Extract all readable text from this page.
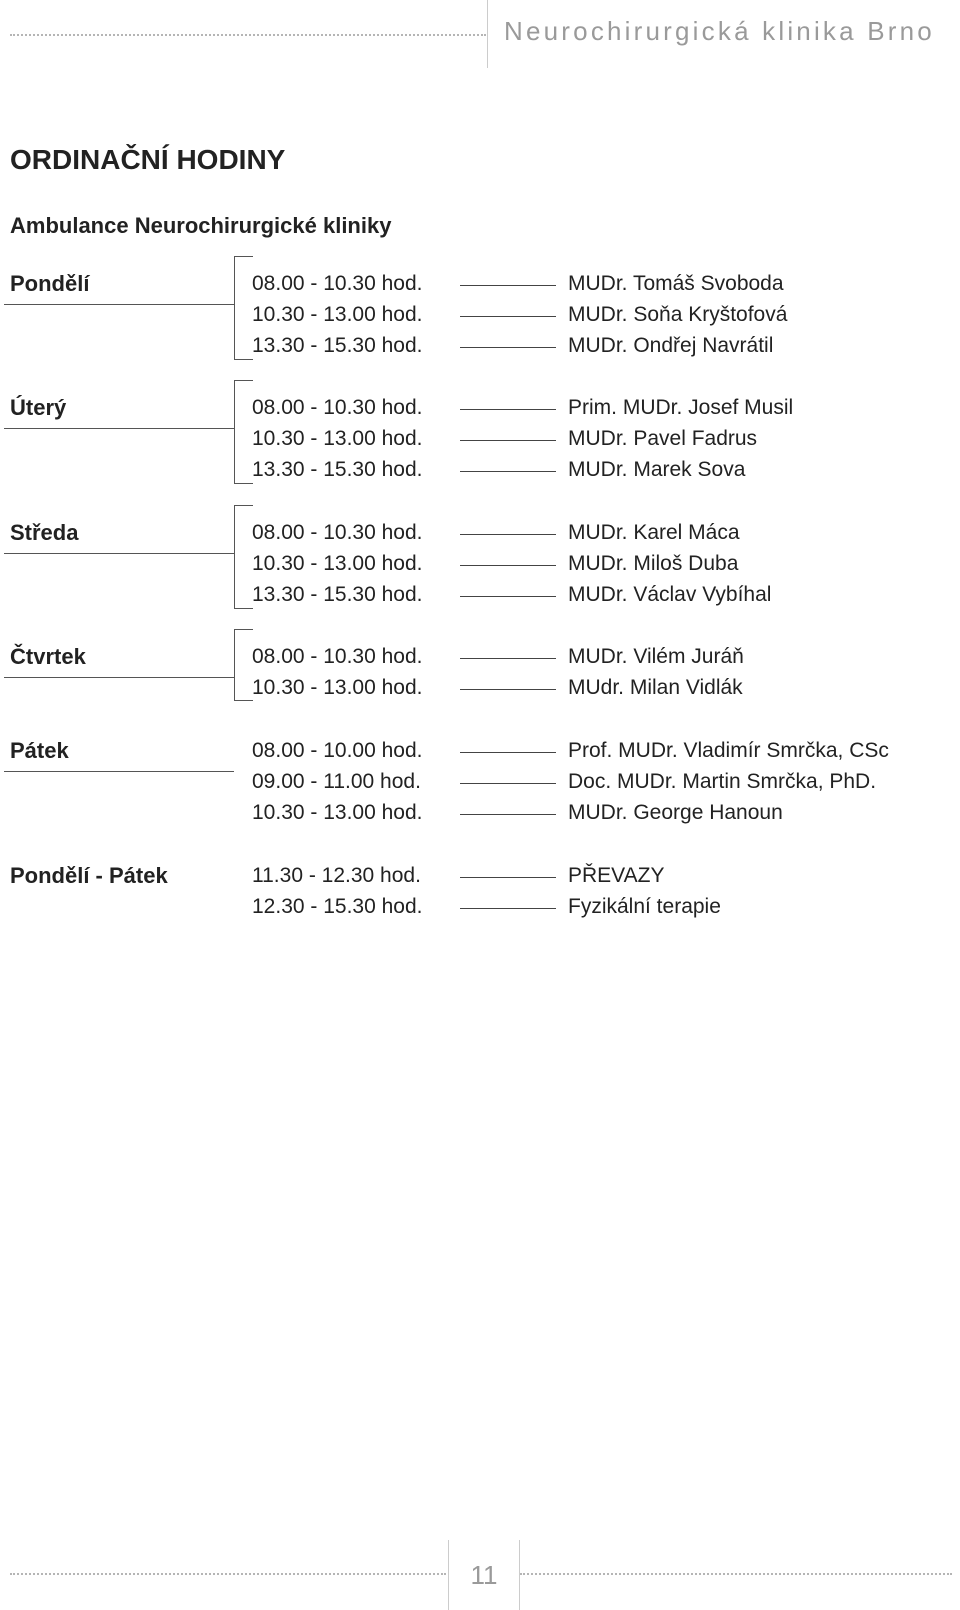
Neurochirurgická klinika Brno
ORDINAČNÍ HODINY
Ambulance Neurochirurgické kliniky
Pondělí	08.00 - 10.30 hod.	MUDr. Tomáš Svoboda
10.30 - 13.00 hod.	MUDr. Soňa Kryštofová
13.30 - 15.30 hod.	MUDr. Ondřej Navrátil
Úterý	08.00 - 10.30 hod.	Prim. MUDr. Josef Musil
10.30 - 13.00 hod.	MUDr. Pavel Fadrus
13.30 - 15.30 hod.	MUDr. Marek Sova
Středa	08.00 - 10.30 hod.	MUDr. Karel Máca
10.30 - 13.00 hod.	MUDr. Miloš Duba
13.30 - 15.30 hod.	MUDr. Václav Vybíhal
Čtvrtek	08.00 - 10.30 hod.	MUDr. Vilém Juráň
10.30 - 13.00 hod.	MUdr. Milan Vidlák
Pátek	08.00 - 10.00 hod.	Prof. MUDr. Vladimír Smrčka, CSc
09.00 - 11.00 hod.	Doc. MUDr. Martin Smrčka, PhD.
10.30 - 13.00 hod.	MUDr. George Hanoun
Pondělí - Pátek	11.30 - 12.30 hod.	PŘEVAZY
12.30 - 15.30 hod.	Fyzikální terapie
11
